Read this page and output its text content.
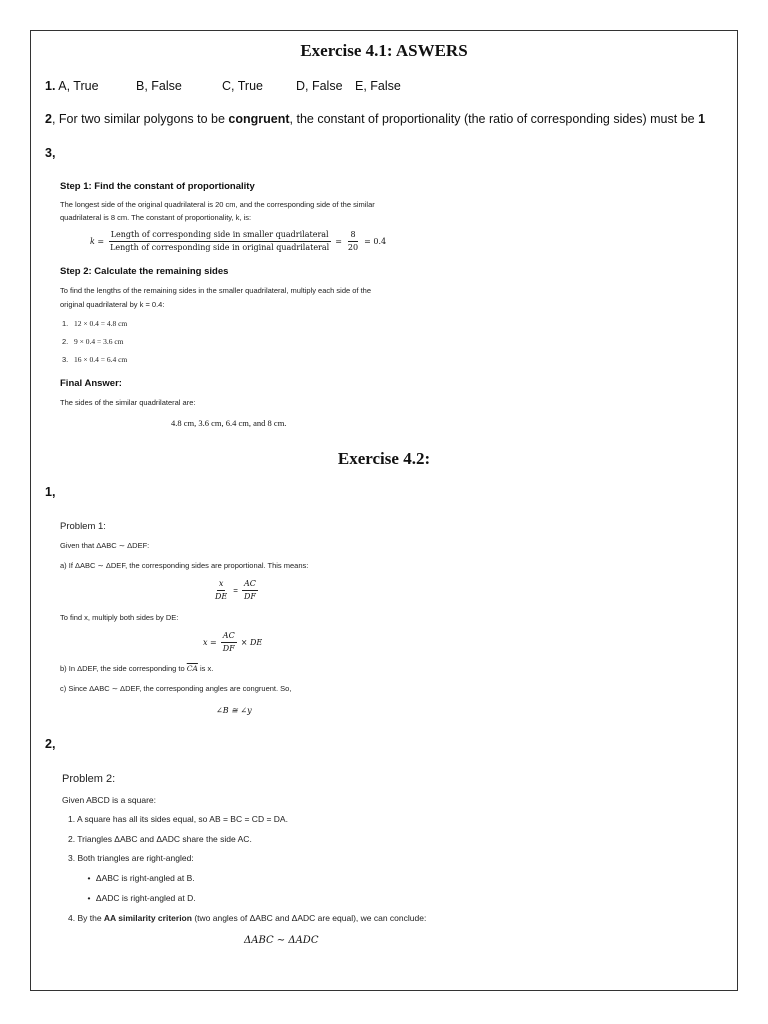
Exercise 4.1: ASWERS
1. A, True	B, False	C, True	D, False E, False
2, For two similar polygons to be congruent, the constant of proportionality (the ratio of corresponding sides) must be 1
3,
Step 1: Find the constant of proportionality
The longest side of the original quadrilateral is 20 cm, and the corresponding side of the similar
quadrilateral is 8 cm. The constant of proportionality, k, is:
$k = \frac{\text{Length of corresponding side in smaller quadrilateral}}{\text{Length of corresponding side in original quadrilateral}} = \frac{8}{20} = 0.4$
Step 2: Calculate the remaining sides
To find the lengths of the remaining sides in the smaller quadrilateral, multiply each side of the
original quadrilateral by k = 0.4:
1. 12 × 0.4 = 4.8 cm
2. 9 × 0.4 = 3.6 cm
3. 16 × 0.4 = 6.4 cm
Final Answer:
The sides of the similar quadrilateral are:
4.8 cm, 3.6 cm, 6.4 cm, and 8 cm.
Exercise 4.2:
1,
Problem 1:
Given that ΔABC ∼ ΔDEF:
a) If ΔABC ∼ ΔDEF, the corresponding sides are proportional. This means:
$\frac{x}{DE} = \frac{AC}{DF}$
To find x, multiply both sides by DE:
$x = \frac{AC}{DF}$ × DE
b) In ΔDEF, the side corresponding to $\overline{CA}$ is x.
c) Since ΔABC ∼ ΔDEF, the corresponding angles are congruent. So,
∠B ≅ ∠y
2,
Problem 2:
Given ABCD is a square:
1. A square has all its sides equal, so AB = BC = CD = DA.
2. Triangles ΔABC and ΔADC share the side AC.
3. Both triangles are right-angled:
• ΔABC is right-angled at B.
• ΔADC is right-angled at D.
4. By the AA similarity criterion (two angles of ΔABC and ΔADC are equal), we can conclude:
ΔABC ∼ ΔADC
